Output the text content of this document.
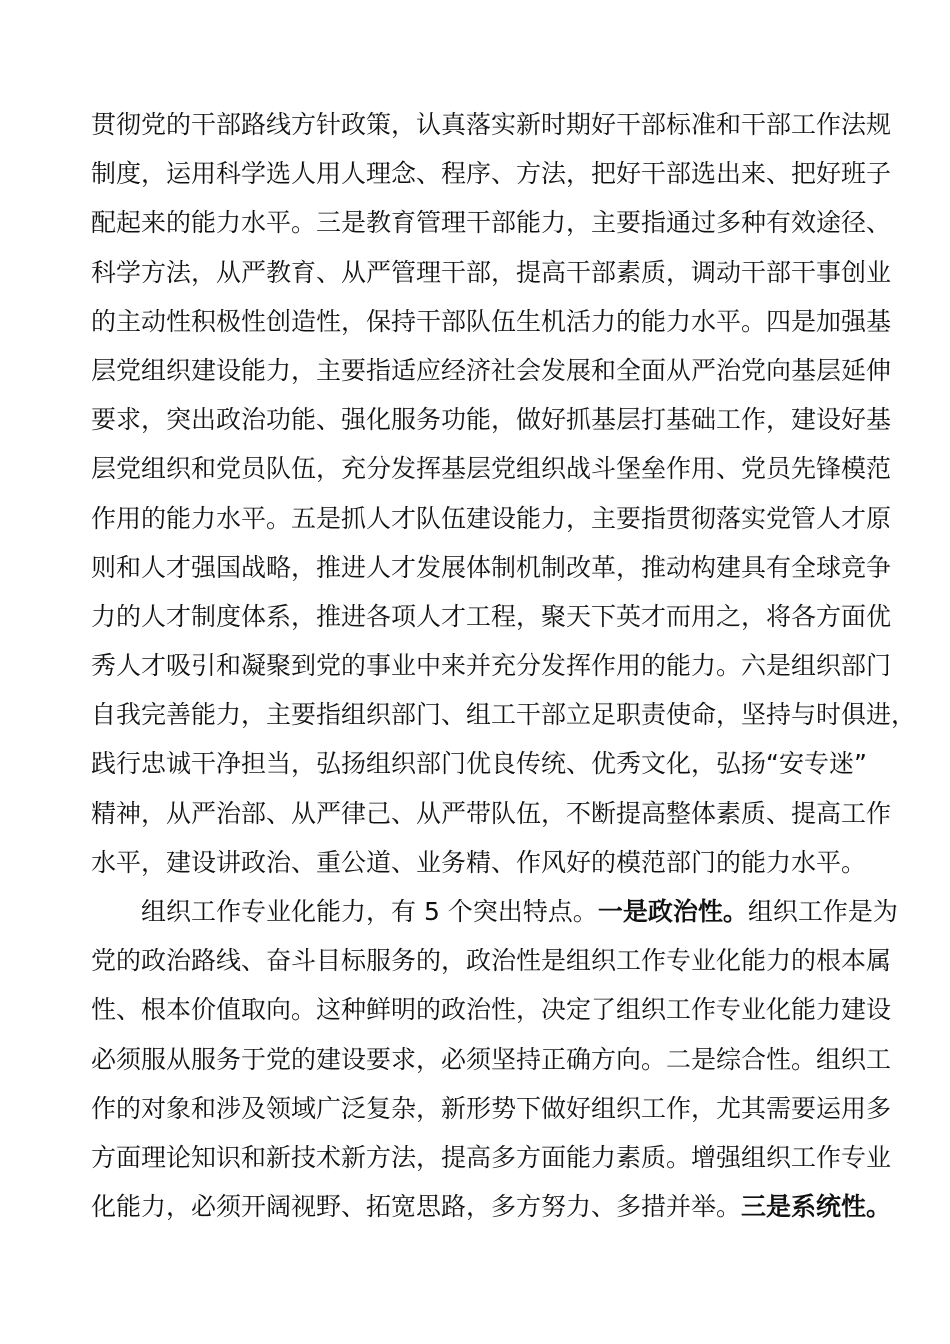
贯彻党的干部路线方针政策，认真落实新时期好干部标准和干部工作法规
制度，运用科学选人用人理念、程序、方法，把好干部选出来、把好班子
配起来的能力水平。三是教育管理干部能力，主要指通过多种有效途径、
科学方法，从严教育、从严管理干部，提高干部素质，调动干部干事创业
的主动性积极性创造性，保持干部队伍生机活力的能力水平。四是加强基
层党组织建设能力，主要指适应经济社会发展和全面从严治党向基层延伸
要求，突出政治功能、强化服务功能，做好抓基层打基础工作，建设好基
层党组织和党员队伍，充分发挥基层党组织战斗堡垒作用、党员先锋模范
作用的能力水平。五是抓人才队伍建设能力，主要指贯彻落实党管人才原
则和人才强国战略，推进人才发展体制机制改革，推动构建具有全球竞争
力的人才制度体系，推进各项人才工程，聚天下英才而用之，将各方面优
秀人才吸引和凝聚到党的事业中来并充分发挥作用的能力。六是组织部门
自我完善能力，主要指组织部门、组工干部立足职责使命，坚持与时俱进，
践行忠诚干净担当，弘扬组织部门优良传统、优秀文化，弘扬“安专迷”
精神，从严治部、从严律己、从严带队伍，不断提高整体素质、提高工作
水平，建设讲政治、重公道、业务精、作风好的模范部门的能力水平。
组织工作专业化能力，有 5 个突出特点。一是政治性。组织工作是为
党的政治路线、奋斗目标服务的，政治性是组织工作专业化能力的根本属
性、根本价值取向。这种鲜明的政治性，决定了组织工作专业化能力建设
必须服从服务于党的建设要求，必须坚持正确方向。二是综合性。组织工
作的对象和涉及领域广泛复杂，新形势下做好组织工作，尤其需要运用多
方面理论知识和新技术新方法，提高多方面能力素质。增强组织工作专业
化能力，必须开阔视野、拓宽思路，多方努力、多措并举。三是系统性。
